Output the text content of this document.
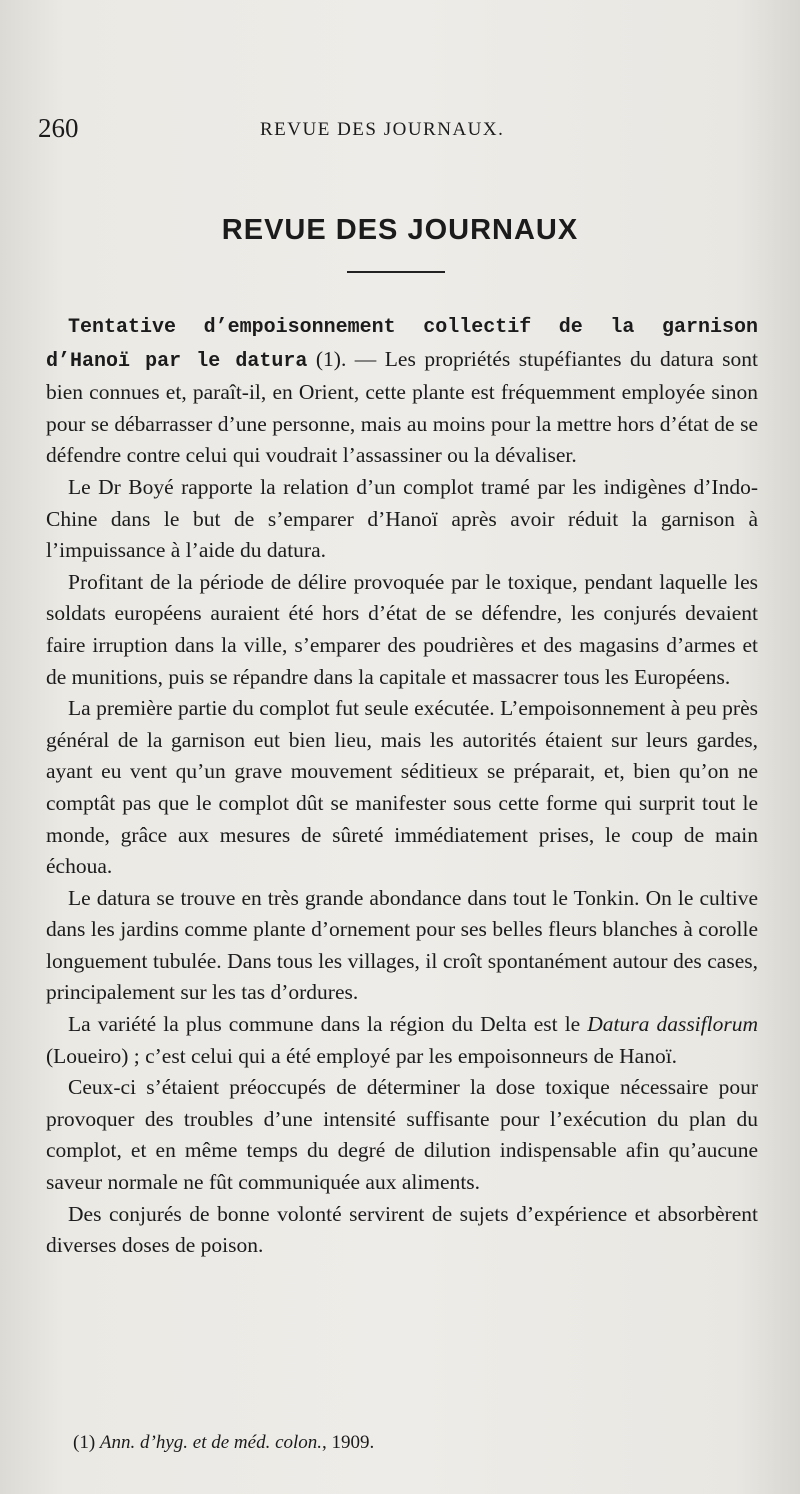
260	REVUE DES JOURNAUX.
REVUE DES JOURNAUX

Tentative d’empoisonnement collectif de la garnison d’Hanoï par le datura (1). — Les propriétés stupéfiantes du datura sont bien connues et, paraît-il, en Orient, cette plante est fréquemment employée sinon pour se débarrasser d’une personne, mais au moins pour la mettre hors d’état de se défendre contre celui qui voudrait l’assassiner ou la dévaliser.

Le Dr Boyé rapporte la relation d’un complot tramé par les indigènes d’Indo-Chine dans le but de s’emparer d’Hanoï après avoir réduit la garnison à l’impuissance à l’aide du datura.

Profitant de la période de délire provoquée par le toxique, pendant laquelle les soldats européens auraient été hors d’état de se défendre, les conjurés devaient faire irruption dans la ville, s’emparer des poudrières et des magasins d’armes et de munitions, puis se répandre dans la capitale et massacrer tous les Européens.

La première partie du complot fut seule exécutée. L’empoisonnement à peu près général de la garnison eut bien lieu, mais les autorités étaient sur leurs gardes, ayant eu vent qu’un grave mouvement séditieux se préparait, et, bien qu’on ne comptât pas que le complot dût se manifester sous cette forme qui surprit tout le monde, grâce aux mesures de sûreté immédiatement prises, le coup de main échoua.

Le datura se trouve en très grande abondance dans tout le Tonkin. On le cultive dans les jardins comme plante d’ornement pour ses belles fleurs blanches à corolle longuement tubulée. Dans tous les villages, il croît spontanément autour des cases, principalement sur les tas d’ordures.

La variété la plus commune dans la région du Delta est le Datura dassiflorum (Loueiro) ; c’est celui qui a été employé par les empoisonneurs de Hanoï.

Ceux-ci s’étaient préoccupés de déterminer la dose toxique nécessaire pour provoquer des troubles d’une intensité suffisante pour l’exécution du plan du complot, et en même temps du degré de dilution indispensable afin qu’aucune saveur normale ne fût communiquée aux aliments.

Des conjurés de bonne volonté servirent de sujets d’expérience et absorbèrent diverses doses de poison.

(1) Ann. d’hyg. et de méd. colon., 1909.
